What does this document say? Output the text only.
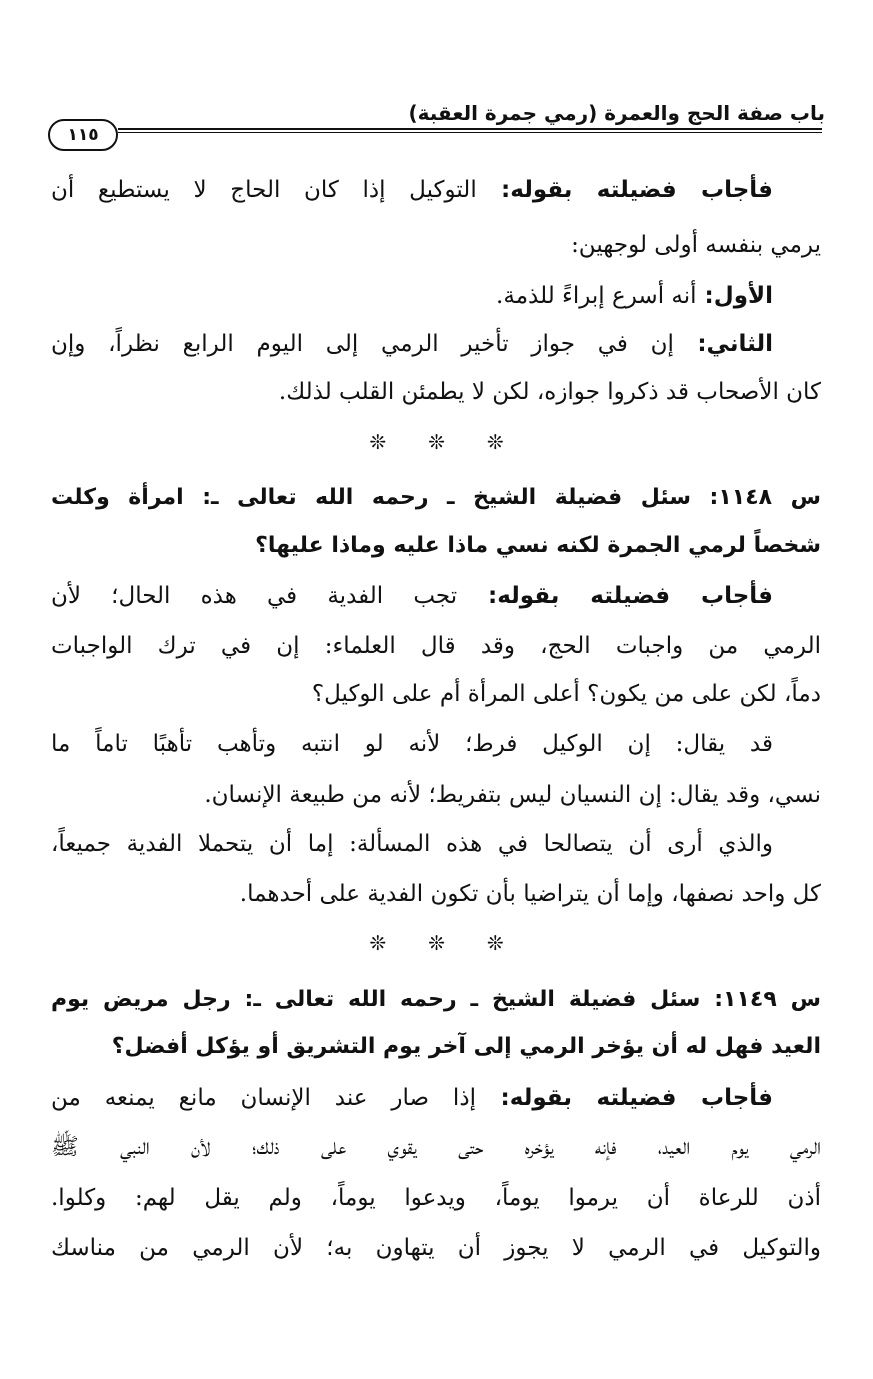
باب صفة الحج والعمرة (رمي جمرة العقبة)
١١٥
فأجاب فضيلته بقوله: التوكيل إذا كان الحاج لا يستطيع أن
يرمي بنفسه أولى لوجهين:
الأول: أنه أسرع إبراءً للذمة.
الثاني: إن في جواز تأخير الرمي إلى اليوم الرابع نظراً، وإن
كان الأصحاب قد ذكروا جوازه، لكن لا يطمئن القلب لذلك.
❊ ❊ ❊
س ١١٤٨: سئل فضيلة الشيخ ـ رحمه الله تعالى ـ: امرأة وكلت
شخصاً لرمي الجمرة لكنه نسي ماذا عليه وماذا عليها؟
فأجاب فضيلته بقوله: تجب الفدية في هذه الحال؛ لأن
الرمي من واجبات الحج، وقد قال العلماء: إن في ترك الواجبات
دماً، لكن على من يكون؟ أعلى المرأة أم على الوكيل؟
قد يقال: إن الوكيل فرط؛ لأنه لو انتبه وتأهب تأهبًا تاماً ما
نسي، وقد يقال: إن النسيان ليس بتفريط؛ لأنه من طبيعة الإنسان.
والذي أرى أن يتصالحا في هذه المسألة: إما أن يتحملا الفدية جميعاً،
كل واحد نصفها، وإما أن يتراضيا بأن تكون الفدية على أحدهما.
❊ ❊ ❊
س ١١٤٩: سئل فضيلة الشيخ ـ رحمه الله تعالى ـ: رجل مريض يوم
العيد فهل له أن يؤخر الرمي إلى آخر يوم التشريق أو يؤكل أفضل؟
فأجاب فضيلته بقوله: إذا صار عند الإنسان مانع يمنعه من
الرمي يوم العيد، فإنه يؤخره حتى يقوي على ذلك؛ لأن النبي ﷺ
أذن للرعاة أن يرموا يوماً، ويدعوا يوماً، ولم يقل لهم: وكلوا.
والتوكيل في الرمي لا يجوز أن يتهاون به؛ لأن الرمي من مناسك
